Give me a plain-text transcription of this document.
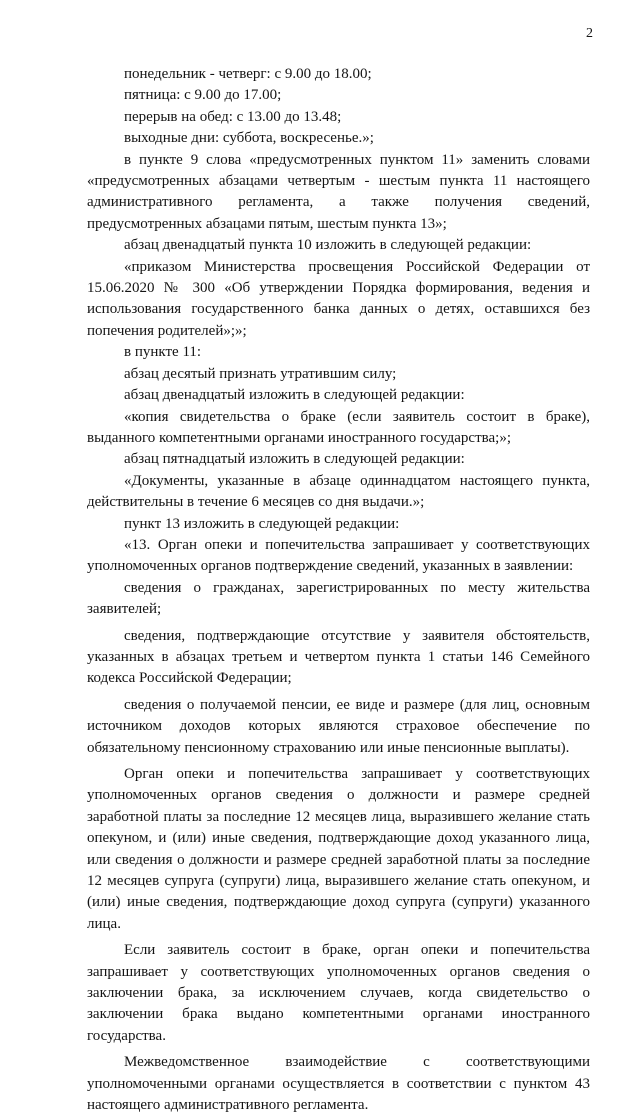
2

понедельник - четверг: с 9.00 до 18.00;

пятница: с 9.00 до 17.00;

перерыв на обед: с 13.00 до 13.48;

выходные дни: суббота, воскресенье.»;

в пункте 9 слова «предусмотренных пунктом 11» заменить словами «предусмотренных абзацами четвертым - шестым пункта 11 настоящего административного регламента, а также получения сведений, предусмотренных абзацами пятым, шестым пункта 13»;

абзац двенадцатый пункта 10 изложить в следующей редакции:

«приказом Министерства просвещения Российской Федерации от 15.06.2020 № 300 «Об утверждении Порядка формирования, ведения и использования государственного банка данных о детях, оставшихся без попечения родителей»;»;

в пункте 11:

абзац десятый признать утратившим силу;

абзац двенадцатый изложить в следующей редакции:

«копия свидетельства о браке (если заявитель состоит в браке), выданного компетентными органами иностранного государства;»;

абзац пятнадцатый изложить в следующей редакции:

«Документы, указанные в абзаце одиннадцатом настоящего пункта, действительны в течение 6 месяцев со дня выдачи.»;

пункт 13 изложить в следующей редакции:

«13. Орган опеки и попечительства запрашивает у соответствующих уполномоченных органов подтверждение сведений, указанных в заявлении:

сведения о гражданах, зарегистрированных по месту жительства заявителей;

сведения, подтверждающие отсутствие у заявителя обстоятельств, указанных в абзацах третьем и четвертом пункта 1 статьи 146 Семейного кодекса Российской Федерации;

сведения о получаемой пенсии, ее виде и размере (для лиц, основным источником доходов которых являются страховое обеспечение по обязательному пенсионному страхованию или иные пенсионные выплаты).

Орган опеки и попечительства запрашивает у соответствующих уполномоченных органов сведения о должности и размере средней заработной платы за последние 12 месяцев лица, выразившего желание стать опекуном, и (или) иные сведения, подтверждающие доход указанного лица, или сведения о должности и размере средней заработной платы за последние 12 месяцев супруга (супруги) лица, выразившего желание стать опекуном, и (или) иные сведения, подтверждающие доход супруга (супруги) указанного лица.

Если заявитель состоит в браке, орган опеки и попечительства запрашивает у соответствующих уполномоченных органов сведения о заключении брака, за исключением случаев, когда свидетельство о заключении брака выдано компетентными органами иностранного государства.

Межведомственное взаимодействие с соответствующими уполномоченными органами осуществляется в соответствии с пунктом 43 настоящего административного регламента.
